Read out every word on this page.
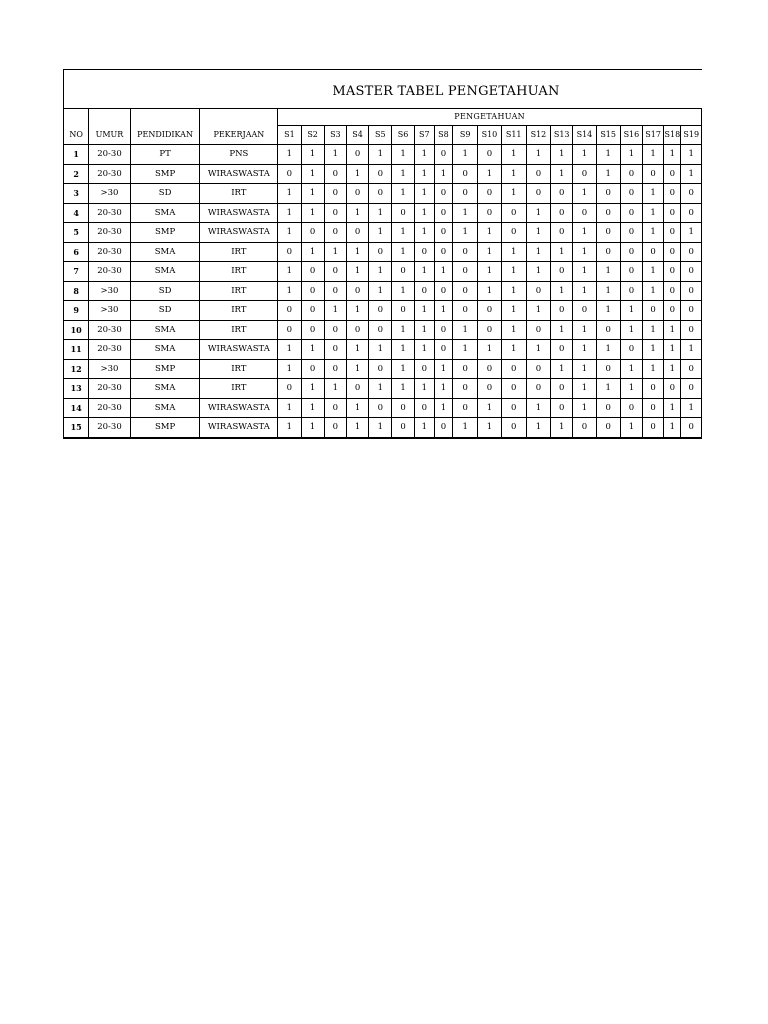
MASTER TABEL PENGETAHUAN
				PENGETAHUAN																		
NO	UMUR	PENDIDIKAN	PEKERJAAN	S1	S2	S3	S4	S5	S6	S7	S8	S9	S10	S11	S12	S13	S14	S15	S16	S17	S18	S19
1	20-30	PT	PNS	1	1	1	0	1	1	1	0	1	0	1	1	1	1	1	1	1	1	1
2	20-30	SMP	WIRASWASTA	0	1	0	1	0	1	1	1	0	1	1	0	1	0	1	0	0	0	1
3	>30	SD	IRT	1	1	0	0	0	1	1	0	0	0	1	0	0	1	0	0	1	0	0
4	20-30	SMA	WIRASWASTA	1	1	0	1	1	0	1	0	1	0	0	1	0	0	0	0	1	0	0
5	20-30	SMP	WIRASWASTA	1	0	0	0	1	1	1	0	1	1	0	1	0	1	0	0	1	0	1
6	20-30	SMA	IRT	0	1	1	1	0	1	0	0	0	1	1	1	1	1	0	0	0	0	0
7	20-30	SMA	IRT	1	0	0	1	1	0	1	1	0	1	1	1	0	1	1	0	1	0	0
8	>30	SD	IRT	1	0	0	0	1	1	0	0	0	1	1	0	1	1	1	0	1	0	0
9	>30	SD	IRT	0	0	1	1	0	0	1	1	0	0	1	1	0	0	1	1	0	0	0
10	20-30	SMA	IRT	0	0	0	0	0	1	1	0	1	0	1	0	1	1	0	1	1	1	0
11	20-30	SMA	WIRASWASTA	1	1	0	1	1	1	1	0	1	1	1	1	0	1	1	0	1	1	1
12	>30	SMP	IRT	1	0	0	1	0	1	0	1	0	0	0	0	1	1	0	1	1	1	0
13	20-30	SMA	IRT	0	1	1	0	1	1	1	1	0	0	0	0	0	1	1	1	0	0	0
14	20-30	SMA	WIRASWASTA	1	1	0	1	0	0	0	1	0	1	0	1	0	1	0	0	0	1	1
15	20-30	SMP	WIRASWASTA	1	1	0	1	1	0	1	0	1	1	0	1	1	0	0	1	0	1	0
